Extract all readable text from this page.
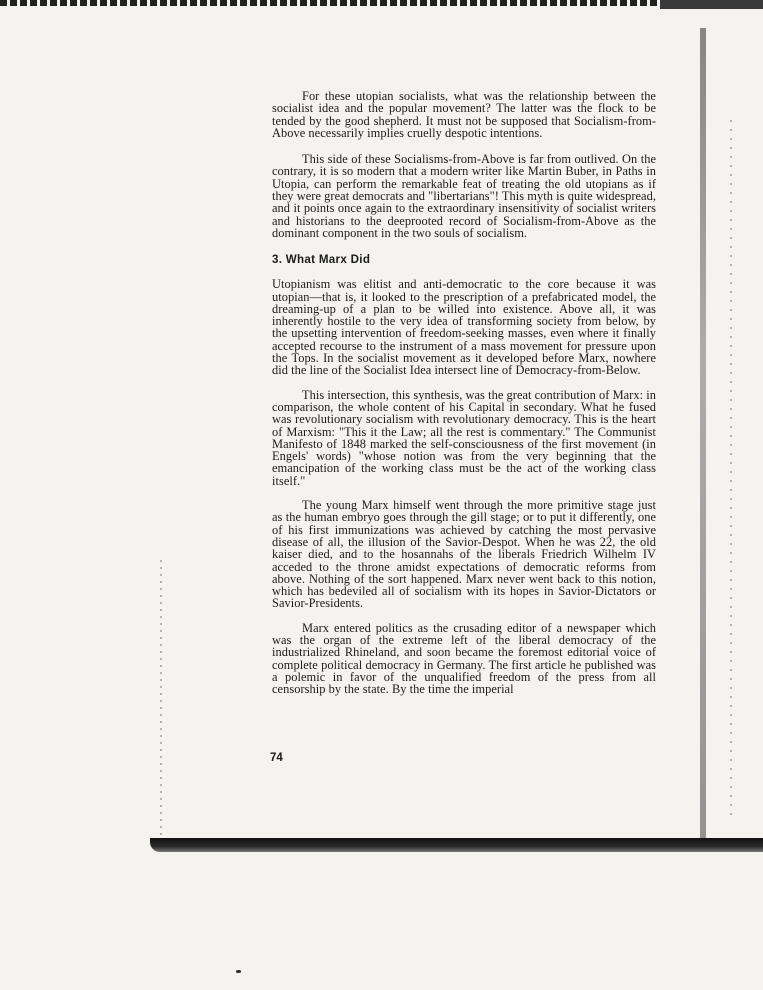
For these utopian socialists, what was the relationship between the socialist idea and the popular movement? The latter was the flock to be tended by the good shepherd. It must not be supposed that Socialism-from-Above necessarily implies cruelly despotic intentions.

This side of these Socialisms-from-Above is far from outlived. On the contrary, it is so modern that a modern writer like Martin Buber, in Paths in Utopia, can perform the remarkable feat of treating the old utopians as if they were great democrats and "libertarians"! This myth is quite widespread, and it points once again to the extraordinary insensitivity of socialist writers and historians to the deeprooted record of Socialism-from-Above as the dominant component in the two souls of socialism.

3. What Marx Did

Utopianism was elitist and anti-democratic to the core because it was utopian—that is, it looked to the prescription of a prefabricated model, the dreaming-up of a plan to be willed into existence. Above all, it was inherently hostile to the very idea of transforming society from below, by the upsetting intervention of freedom-seeking masses, even where it finally accepted recourse to the instrument of a mass movement for pressure upon the Tops. In the socialist movement as it developed before Marx, nowhere did the line of the Socialist Idea intersect line of Democracy-from-Below.

This intersection, this synthesis, was the great contribution of Marx: in comparison, the whole content of his Capital in secondary. What he fused was revolutionary socialism with revolutionary democracy. This is the heart of Marxism: "This it the Law; all the rest is commentary." The Communist Manifesto of 1848 marked the self-consciousness of the first movement (in Engels' words) "whose notion was from the very beginning that the emancipation of the working class must be the act of the working class itself."

The young Marx himself went through the more primitive stage just as the human embryo goes through the gill stage; or to put it differently, one of his first immunizations was achieved by catching the most pervasive disease of all, the illusion of the Savior-Despot. When he was 22, the old kaiser died, and to the hosannahs of the liberals Friedrich Wilhelm IV acceded to the throne amidst expectations of democratic reforms from above. Nothing of the sort happened. Marx never went back to this notion, which has bedeviled all of socialism with its hopes in Savior-Dictators or Savior-Presidents.

Marx entered politics as the crusading editor of a newspaper which was the organ of the extreme left of the liberal democracy of the industrialized Rhineland, and soon became the foremost editorial voice of complete political democracy in Germany. The first article he published was a polemic in favor of the unqualified freedom of the press from all censorship by the state. By the time the imperial

74
